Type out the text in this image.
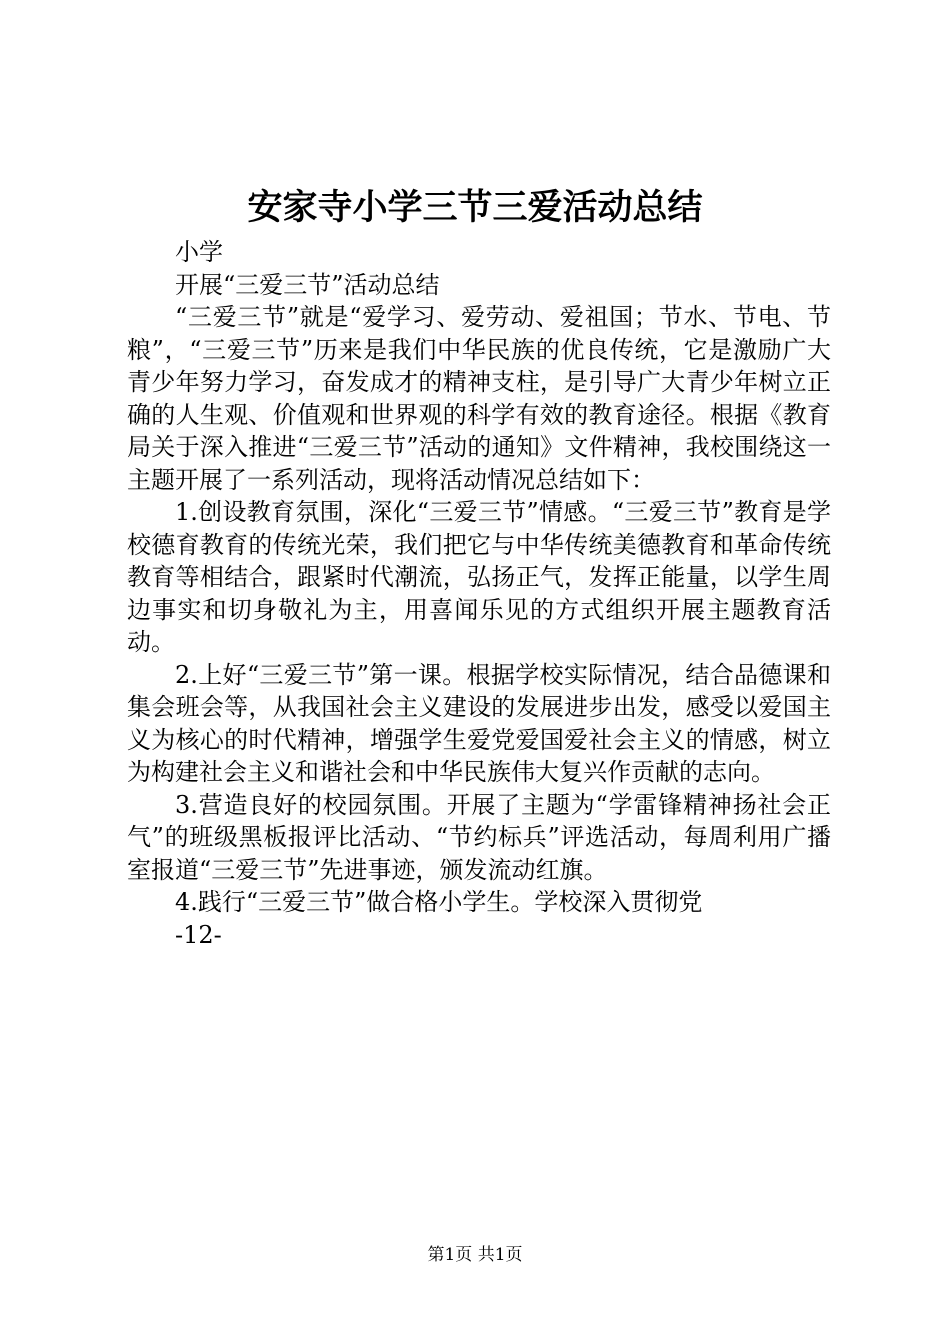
安家寺小学三节三爱活动总结

小学

开展“三爱三节”活动总结

“三爱三节”就是“爱学习、爱劳动、爱祖国；节水、节电、节粮”，“三爱三节”历来是我们中华民族的优良传统，它是激励广大青少年努力学习，奋发成才的精神支柱，是引导广大青少年树立正确的人生观、价值观和世界观的科学有效的教育途径。根据《教育局关于深入推进“三爱三节”活动的通知》文件精神，我校围绕这一主题开展了一系列活动，现将活动情况总结如下：

1.创设教育氛围，深化“三爱三节”情感。“三爱三节”教育是学校德育教育的传统光荣，我们把它与中华传统美德教育和革命传统教育等相结合，跟紧时代潮流，弘扬正气，发挥正能量，以学生周边事实和切身敬礼为主，用喜闻乐见的方式组织开展主题教育活动。

2.上好“三爱三节”第一课。根据学校实际情况，结合品德课和集会班会等，从我国社会主义建设的发展进步出发，感受以爱国主义为核心的时代精神，增强学生爱党爱国爱社会主义的情感，树立为构建社会主义和谐社会和中华民族伟大复兴作贡献的志向。

3.营造良好的校园氛围。开展了主题为“学雷锋精神扬社会正气”的班级黑板报评比活动、“节约标兵”评选活动，每周利用广播室报道“三爱三节”先进事迹，颁发流动红旗。

4.践行“三爱三节”做合格小学生。学校深入贯彻党

-12-

第1页 共1页
